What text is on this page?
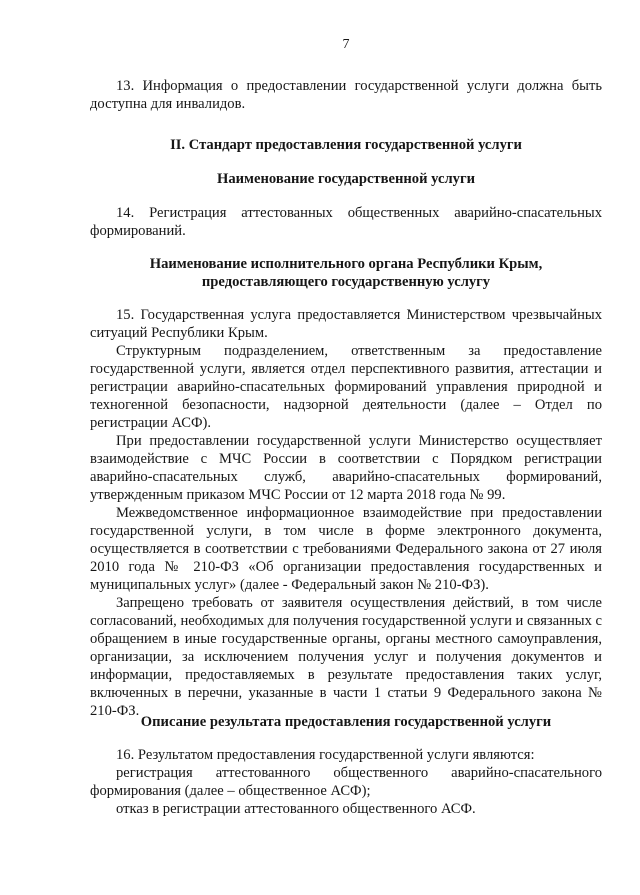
7

13. Информация о предоставлении государственной услуги должна быть доступна для инвалидов.

II. Стандарт предоставления государственной услуги

Наименование государственной услуги

14. Регистрация аттестованных общественных аварийно-спасательных формирований.

Наименование исполнительного органа Республики Крым,

предоставляющего государственную услугу

15. Государственная услуга предоставляется Министерством чрезвычайных ситуаций Республики Крым.

Структурным подразделением, ответственным за предоставление государственной услуги, является отдел перспективного развития, аттестации и регистрации аварийно-спасательных формирований управления природной и техногенной безопасности, надзорной деятельности (далее – Отдел по регистрации АСФ).

При предоставлении государственной услуги Министерство осуществляет взаимодействие с МЧС России в соответствии с Порядком регистрации аварийно-спасательных служб, аварийно-спасательных формирований, утвержденным приказом МЧС России от 12 марта 2018 года № 99.

Межведомственное информационное взаимодействие при предоставлении государственной услуги, в том числе в форме электронного документа, осуществляется в соответствии с требованиями Федерального закона от 27 июля 2010 года № 210-ФЗ «Об организации предоставления государственных и муниципальных услуг» (далее - Федеральный закон № 210-ФЗ).

Запрещено требовать от заявителя осуществления действий, в том числе согласований, необходимых для получения государственной услуги и связанных с обращением в иные государственные органы, органы местного самоуправления, организации, за исключением получения услуг и получения документов и информации, предоставляемых в результате предоставления таких услуг, включенных в перечни, указанные в части 1 статьи 9 Федерального закона № 210-ФЗ.

Описание результата предоставления государственной услуги

16. Результатом предоставления государственной услуги являются:

регистрация аттестованного общественного аварийно-спасательного формирования (далее – общественное АСФ);

отказ в регистрации аттестованного общественного АСФ.
